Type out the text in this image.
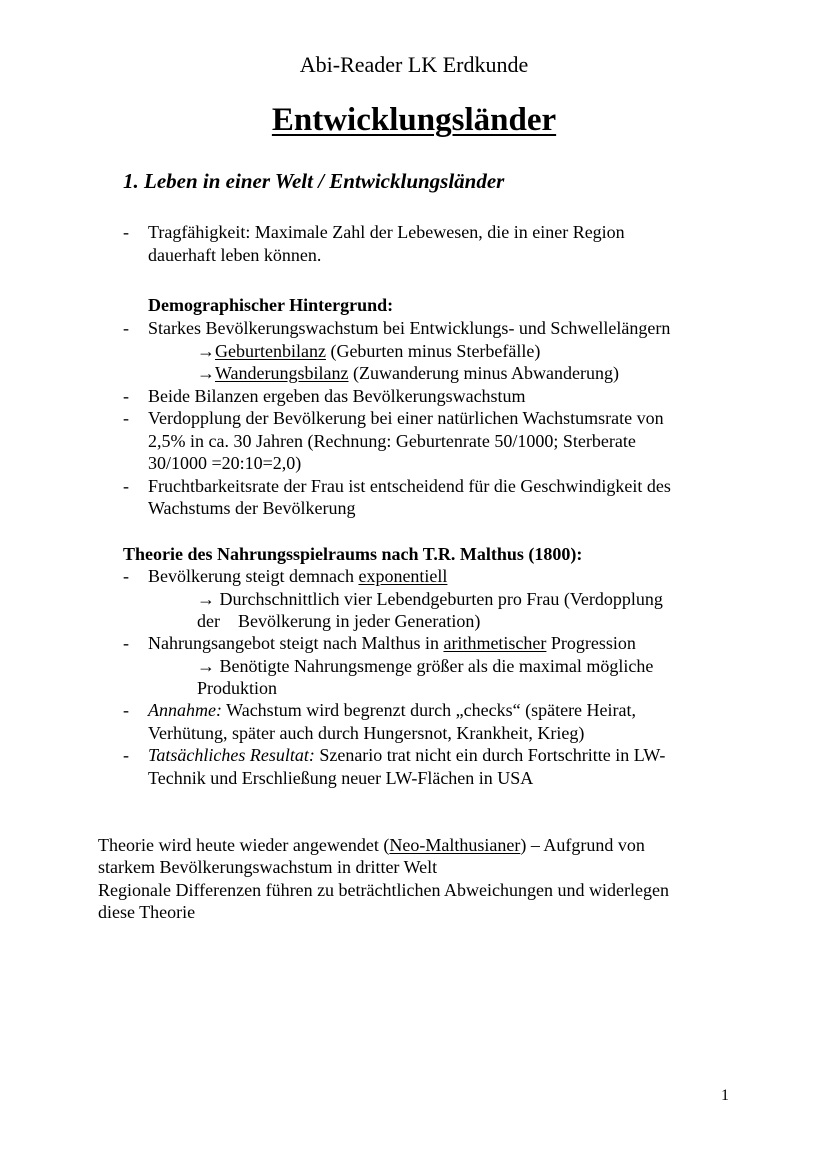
Abi-Reader LK Erdkunde
Entwicklungsländer
1. Leben in einer Welt / Entwicklungsländer
- Tragfähigkeit: Maximale Zahl der Lebewesen, die in einer Region
dauerhaft leben können.
Demographischer Hintergrund:
- Starkes Bevölkerungswachstum bei Entwicklungs- und Schwellelängern
→Geburtenbilanz (Geburten minus Sterbefälle)
→Wanderungsbilanz (Zuwanderung minus Abwanderung)
- Beide Bilanzen ergeben das Bevölkerungswachstum
- Verdopplung der Bevölkerung bei einer natürlichen Wachstumsrate von
2,5% in ca. 30 Jahren (Rechnung: Geburtenrate 50/1000; Sterberate
30/1000 =20:10=2,0)
- Fruchtbarkeitsrate der Frau ist entscheidend für die Geschwindigkeit des
Wachstums der Bevölkerung
Theorie des Nahrungsspielraums nach T.R. Malthus (1800):
- Bevölkerung steigt demnach exponentiell
→ Durchschnittlich vier Lebendgeburten pro Frau (Verdopplung
der    Bevölkerung in jeder Generation)
- Nahrungsangebot steigt nach Malthus in arithmetischer Progression
→ Benötigte Nahrungsmenge größer als die maximal mögliche
Produktion
- Annahme: Wachstum wird begrenzt durch „checks“ (spätere Heirat,
Verhütung, später auch durch Hungersnot, Krankheit, Krieg)
- Tatsächliches Resultat: Szenario trat nicht ein durch Fortschritte in LW-
Technik und Erschließung neuer LW-Flächen in USA
Theorie wird heute wieder angewendet (Neo-Malthusianer) – Aufgrund von
starkem Bevölkerungswachstum in dritter Welt
Regionale Differenzen führen zu beträchtlichen Abweichungen und widerlegen
diese Theorie
1
